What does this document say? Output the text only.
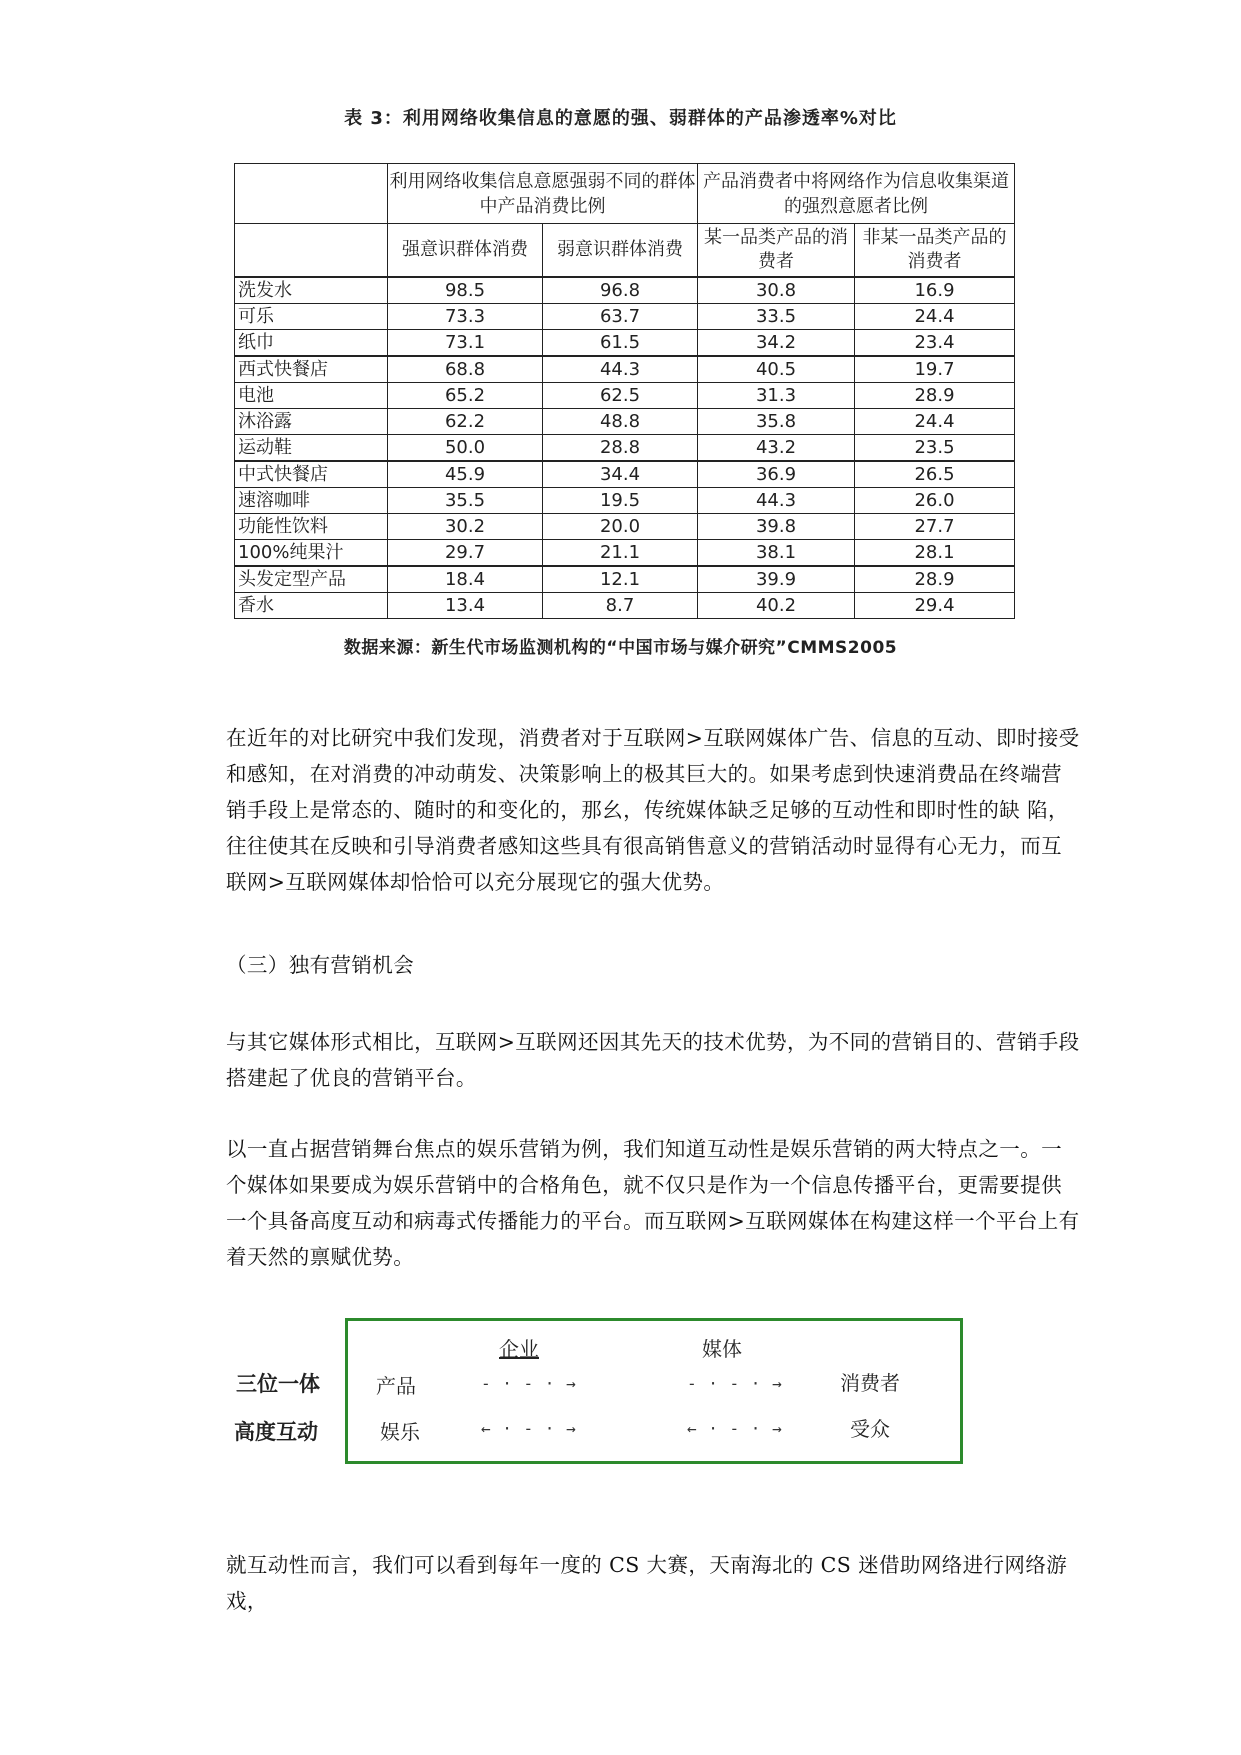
表 3：利用网络收集信息的意愿的强、弱群体的产品渗透率%对比
	利用网络收集信息意愿强弱不同的群体中产品消费比例		产品消费者中将网络作为信息收集渠道的强烈意愿者比例	
	强意识群体消费	弱意识群体消费	某一品类产品的消费者	非某一品类产品的消费者
洗发水	98.5	96.8	30.8	16.9
可乐	73.3	63.7	33.5	24.4
纸巾	73.1	61.5	34.2	23.4
西式快餐店	68.8	44.3	40.5	19.7
电池	65.2	62.5	31.3	28.9
沐浴露	62.2	48.8	35.8	24.4
运动鞋	50.0	28.8	43.2	23.5
中式快餐店	45.9	34.4	36.9	26.5
速溶咖啡	35.5	19.5	44.3	26.0
功能性饮料	30.2	20.0	39.8	27.7
100%纯果汁	29.7	21.1	38.1	28.1
头发定型产品	18.4	12.1	39.9	28.9
香水	13.4	8.7	40.2	29.4
数据来源：新生代市场监测机构的“中国市场与媒介研究”CMMS2005
在近年的对比研究中我们发现，消费者对于互联网>互联网媒体广告、信息的互动、即时接受
和感知，在对消费的冲动萌发、决策影响上的极其巨大的。如果考虑到快速消费品在终端营
销手段上是常态的、随时的和变化的，那幺，传统媒体缺乏足够的互动性和即时性的缺 陷，
往往使其在反映和引导消费者感知这些具有很高销售意义的营销活动时显得有心无力，而互
联网>互联网媒体却恰恰可以充分展现它的强大优势。
（三）独有营销机会
与其它媒体形式相比，互联网>互联网还因其先天的技术优势，为不同的营销目的、营销手段
搭建起了优良的营销平台。
以一直占据营销舞台焦点的娱乐营销为例，我们知道互动性是娱乐营销的两大特点之一。一
个媒体如果要成为娱乐营销中的合格角色，就不仅只是作为一个信息传播平台，更需要提供
一个具备高度互动和病毒式传播能力的平台。而互联网>互联网媒体在构建这样一个平台上有
着天然的禀赋优势。
三位一体
高度互动
企业	媒体
产品	- · - · →	- · - · →	消费者
娱乐	← · - · →	← · - · →	受众
就互动性而言，我们可以看到每年一度的 CS 大赛，天南海北的 CS 迷借助网络进行网络游戏，
